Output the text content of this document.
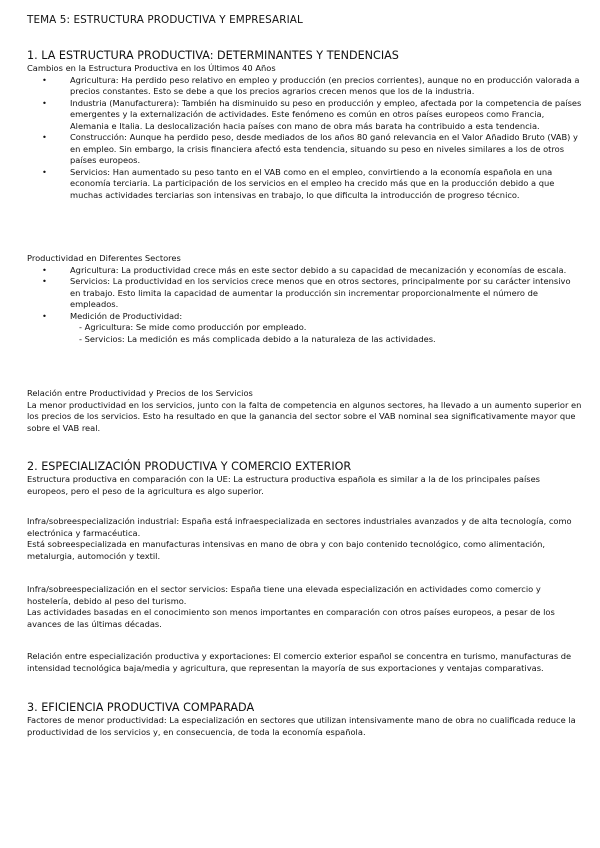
TEMA 5: ESTRUCTURA PRODUCTIVA Y EMPRESARIAL
1. LA ESTRUCTURA PRODUCTIVA: DETERMINANTES Y TENDENCIAS

Cambios en la Estructura Productiva en los Últimos 40 Años

• Agricultura: Ha perdido peso relativo en empleo y producción (en precios corrientes), aunque no en producción valorada a precios constantes. Esto se debe a que los precios agrarios crecen menos que los de la industria.
• Industria (Manufacturera): También ha disminuido su peso en producción y empleo, afectada por la competencia de países emergentes y la externalización de actividades. Este fenómeno es común en otros países europeos como Francia, Alemania e Italia. La deslocalización hacia países con mano de obra más barata ha contribuido a esta tendencia.
• Construcción: Aunque ha perdido peso, desde mediados de los años 80 ganó relevancia en el Valor Añadido Bruto (VAB) y en empleo. Sin embargo, la crisis financiera afectó esta tendencia, situando su peso en niveles similares a los de otros países europeos.
• Servicios: Han aumentado su peso tanto en el VAB como en el empleo, convirtiendo a la economía española en una economía terciaria. La participación de los servicios en el empleo ha crecido más que en la producción debido a que muchas actividades terciarias son intensivas en trabajo, lo que dificulta la introducción de progreso técnico.

Productividad en Diferentes Sectores

• Agricultura: La productividad crece más en este sector debido a su capacidad de mecanización y economías de escala.
• Servicios: La productividad en los servicios crece menos que en otros sectores, principalmente por su carácter intensivo en trabajo. Esto limita la capacidad de aumentar la producción sin incrementar proporcionalmente el número de empleados.
• Medición de Productividad:
- Agricultura: Se mide como producción por empleado.
- Servicios: La medición es más complicada debido a la naturaleza de las actividades.

Relación entre Productividad y Precios de los Servicios

La menor productividad en los servicios, junto con la falta de competencia en algunos sectores, ha llevado a un aumento superior en los precios de los servicios. Esto ha resultado en que la ganancia del sector sobre el VAB nominal sea significativamente mayor que sobre el VAB real.

2. ESPECIALIZACIÓN PRODUCTIVA Y COMERCIO EXTERIOR

Estructura productiva en comparación con la UE: La estructura productiva española es similar a la de los principales países europeos, pero el peso de la agricultura es algo superior.

Infra/sobreespecialización industrial: España está infraespecializada en sectores industriales avanzados y de alta tecnología, como electrónica y farmacéutica.

Está sobreespecializada en manufacturas intensivas en mano de obra y con bajo contenido tecnológico, como alimentación, metalurgia, automoción y textil.

Infra/sobreespecialización en el sector servicios: España tiene una elevada especialización en actividades como comercio y hostelería, debido al peso del turismo.

Las actividades basadas en el conocimiento son menos importantes en comparación con otros países europeos, a pesar de los avances de las últimas décadas.

Relación entre especialización productiva y exportaciones: El comercio exterior español se concentra en turismo, manufacturas de intensidad tecnológica baja/media y agricultura, que representan la mayoría de sus exportaciones y ventajas comparativas.

3. EFICIENCIA PRODUCTIVA COMPARADA

Factores de menor productividad: La especialización en sectores que utilizan intensivamente mano de obra no cualificada reduce la productividad de los servicios y, en consecuencia, de toda la economía española.
